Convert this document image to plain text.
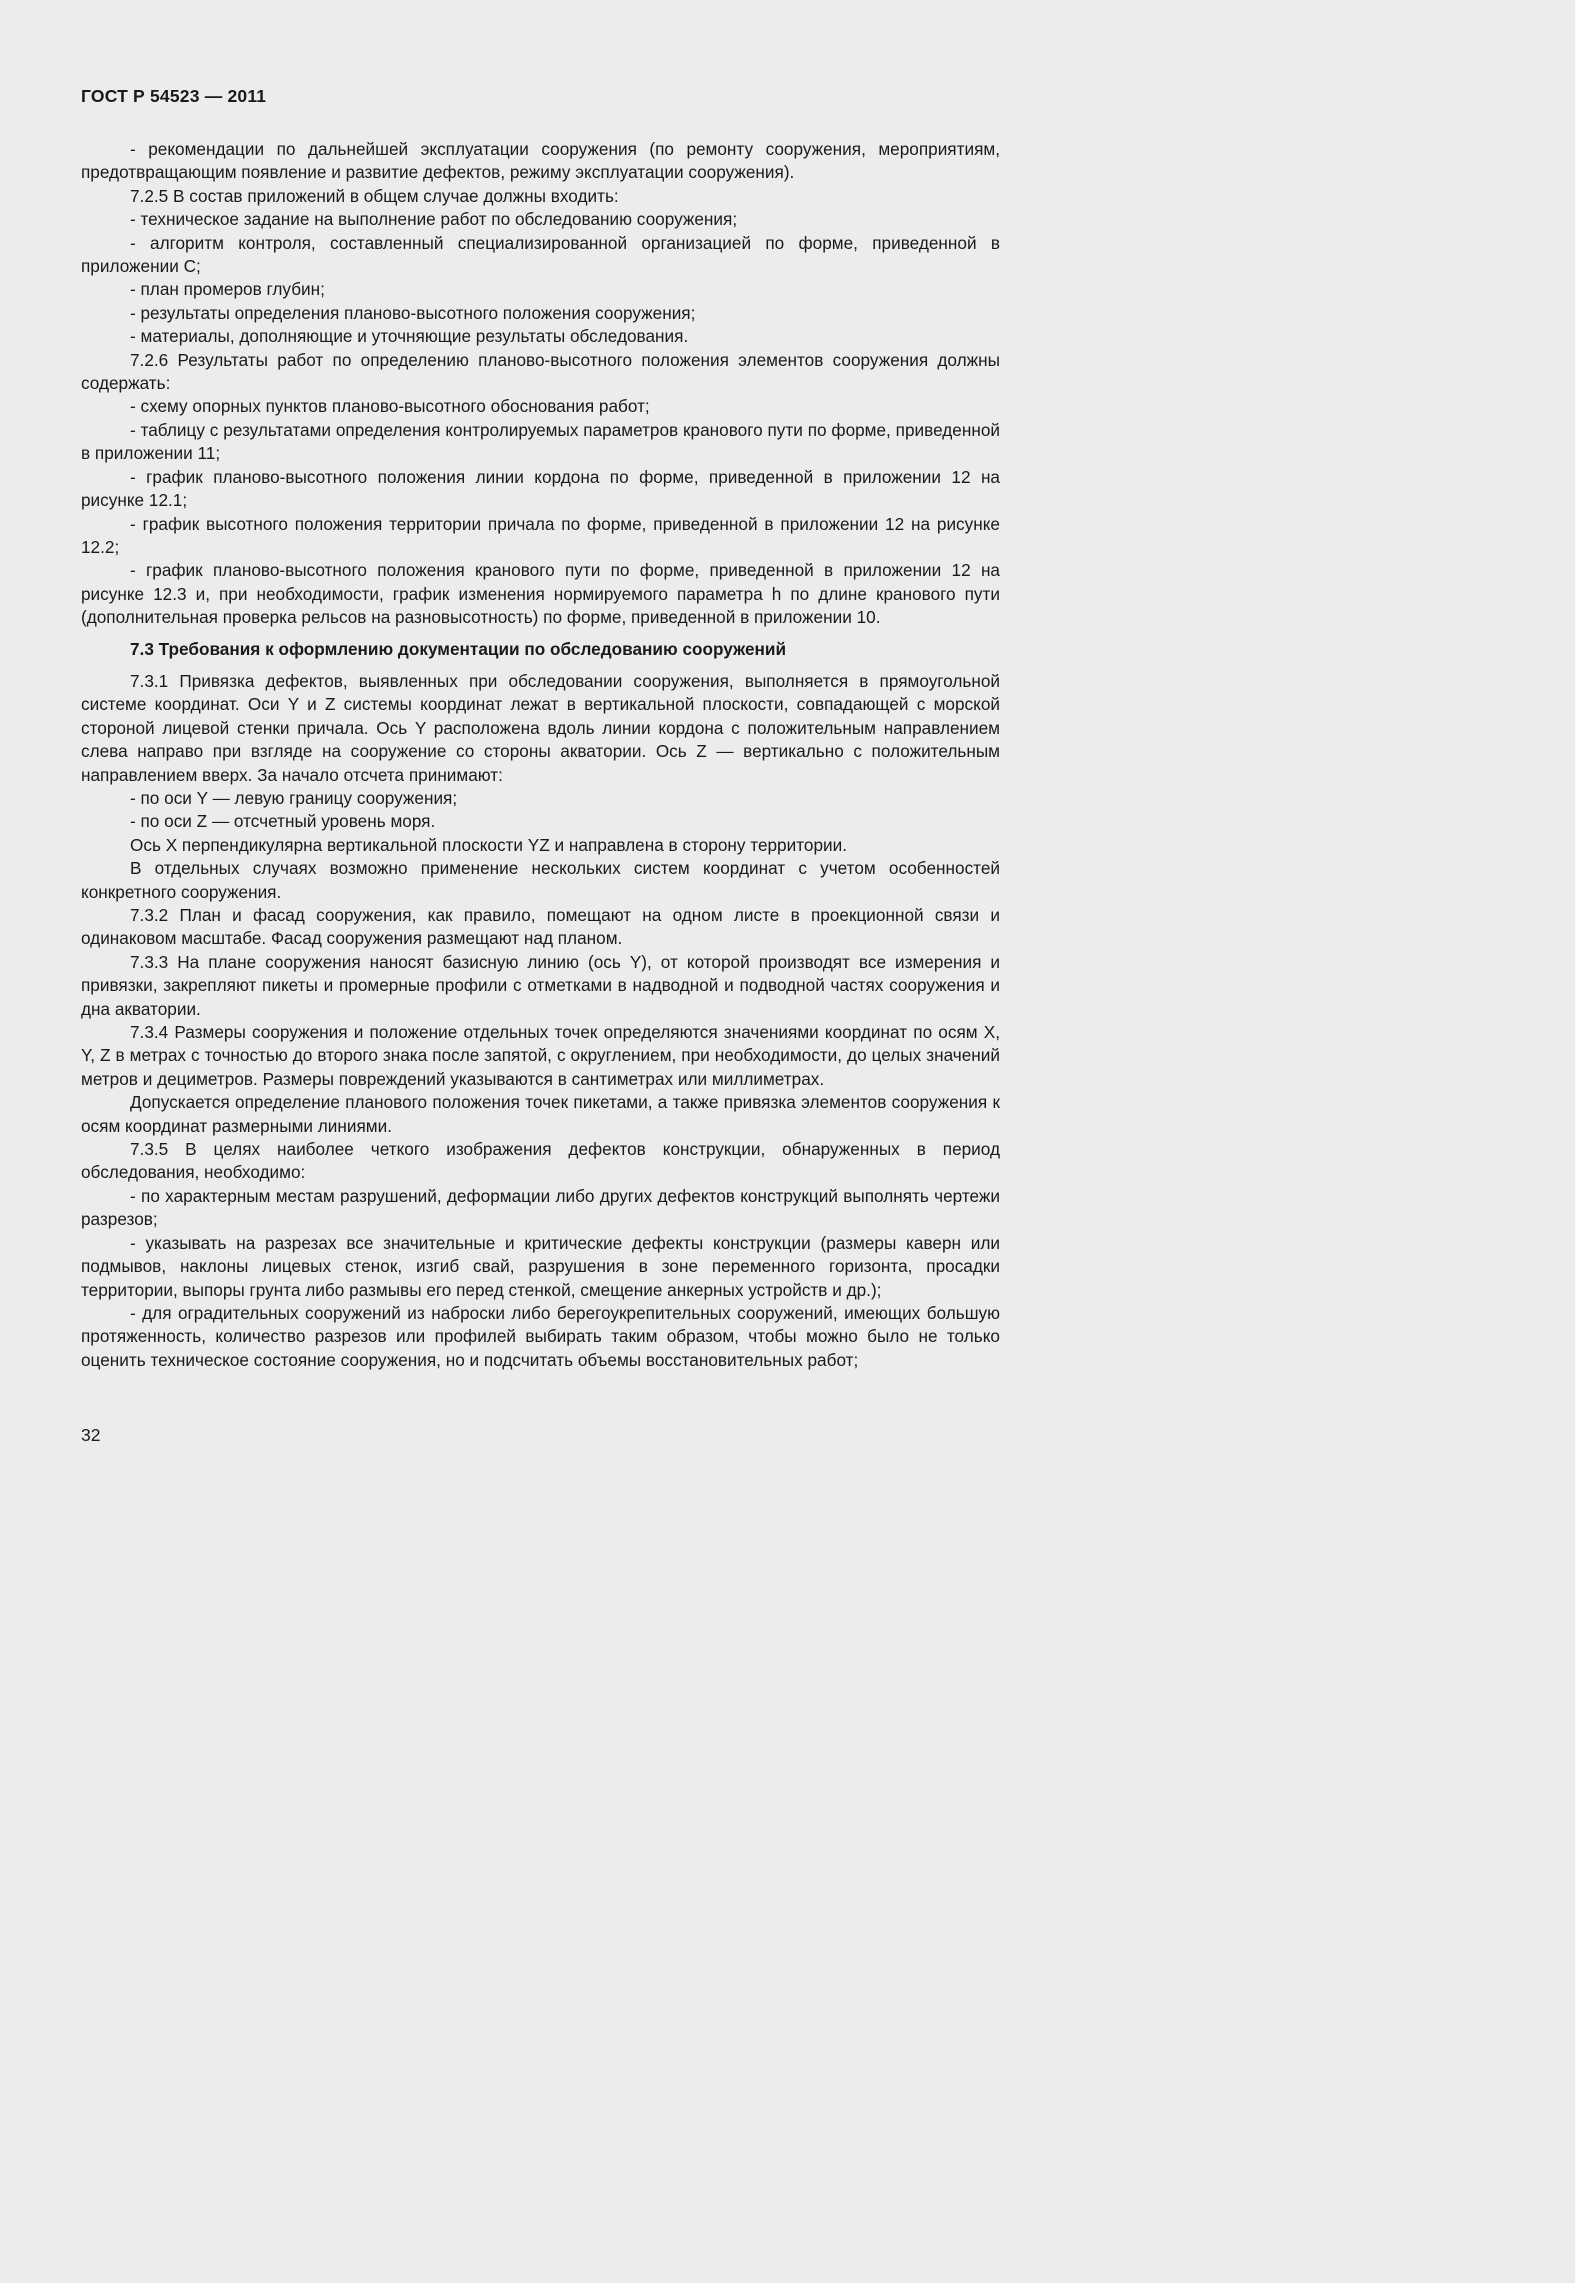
ГОСТ Р 54523 — 2011

- рекомендации по дальнейшей эксплуатации сооружения (по ремонту сооружения, мероприятиям, предотвращающим появление и развитие дефектов, режиму эксплуатации сооружения).

7.2.5 В состав приложений в общем случае должны входить:

- техническое задание на выполнение работ по обследованию сооружения;

- алгоритм контроля, составленный специализированной организацией по форме, приведенной в приложении С;

- план промеров глубин;

- результаты определения планово-высотного положения сооружения;

- материалы, дополняющие и уточняющие результаты обследования.

7.2.6 Результаты работ по определению планово-высотного положения элементов сооружения должны содержать:

- схему опорных пунктов планово-высотного обоснования работ;

- таблицу с результатами определения контролируемых параметров кранового пути по форме, приведенной в приложении 11;

- график планово-высотного положения линии кордона по форме, приведенной в приложении 12 на рисунке 12.1;

- график высотного положения территории причала по форме, приведенной в приложении 12 на рисунке 12.2;

- график планово-высотного положения кранового пути по форме, приведенной в приложении 12 на рисунке 12.3 и, при необходимости, график изменения нормируемого параметра h по длине кранового пути (дополнительная проверка рельсов на разновысотность) по форме, приведенной в приложении 10.

7.3 Требования к оформлению документации по обследованию сооружений

7.3.1 Привязка дефектов, выявленных при обследовании сооружения, выполняется в прямоугольной системе координат. Оси Y и Z системы координат лежат в вертикальной плоскости, совпадающей с морской стороной лицевой стенки причала. Ось Y расположена вдоль линии кордона с положительным направлением слева направо при взгляде на сооружение со стороны акватории. Ось Z — вертикально с положительным направлением вверх. За начало отсчета принимают:

- по оси Y — левую границу сооружения;

- по оси Z — отсчетный уровень моря.

Ось X перпендикулярна вертикальной плоскости YZ и направлена в сторону территории.

В отдельных случаях возможно применение нескольких систем координат с учетом особенностей конкретного сооружения.

7.3.2 План и фасад сооружения, как правило, помещают на одном листе в проекционной связи и одинаковом масштабе. Фасад сооружения размещают над планом.

7.3.3 На плане сооружения наносят базисную линию (ось Y), от которой производят все измерения и привязки, закрепляют пикеты и промерные профили с отметками в надводной и подводной частях сооружения и дна акватории.

7.3.4 Размеры сооружения и положение отдельных точек определяются значениями координат по осям X, Y, Z в метрах с точностью до второго знака после запятой, с округлением, при необходимости, до целых значений метров и дециметров. Размеры повреждений указываются в сантиметрах или миллиметрах.

Допускается определение планового положения точек пикетами, а также привязка элементов сооружения к осям координат размерными линиями.

7.3.5 В целях наиболее четкого изображения дефектов конструкции, обнаруженных в период обследования, необходимо:

- по характерным местам разрушений, деформации либо других дефектов конструкций выполнять чертежи разрезов;

- указывать на разрезах все значительные и критические дефекты конструкции (размеры каверн или подмывов, наклоны лицевых стенок, изгиб свай, разрушения в зоне переменного горизонта, просадки территории, выпоры грунта либо размывы его перед стенкой, смещение анкерных устройств и др.);

- для оградительных сооружений из наброски либо берегоукрепительных сооружений, имеющих большую протяженность, количество разрезов или профилей выбирать таким образом, чтобы можно было не только оценить техническое состояние сооружения, но и подсчитать объемы восстановительных работ;

32
